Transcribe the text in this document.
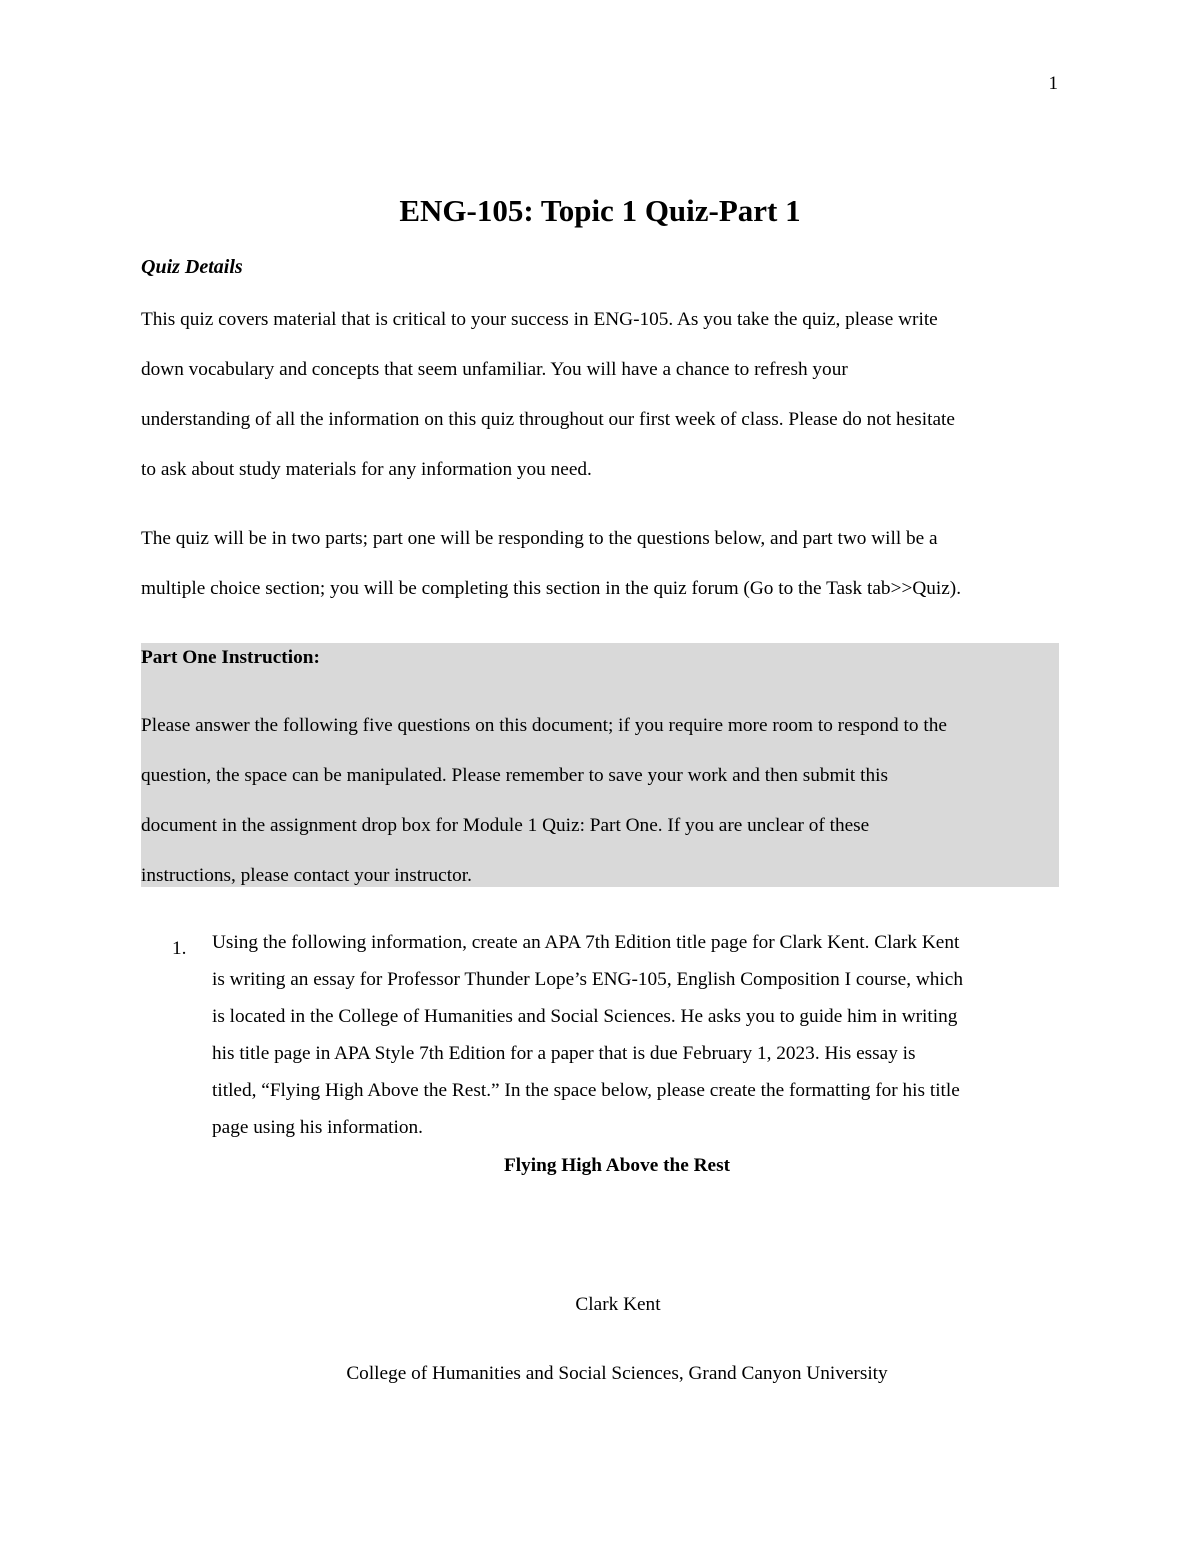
1
ENG-105: Topic 1 Quiz-Part 1
Quiz Details

This quiz covers material that is critical to your success in ENG-105. As you take the quiz, please write
down vocabulary and concepts that seem unfamiliar. You will have a chance to refresh your
understanding of all the information on this quiz throughout our first week of class. Please do not hesitate
to ask about study materials for any information you need.

The quiz will be in two parts; part one will be responding to the questions below, and part two will be a
multiple choice section; you will be completing this section in the quiz forum (Go to the Task tab>>Quiz).

Part One Instruction:

Please answer the following five questions on this document; if you require more room to respond to the
question, the space can be manipulated. Please remember to save your work and then submit this
document in the assignment drop box for Module 1 Quiz: Part One. If you are unclear of these
instructions, please contact your instructor.

1. Using the following information, create an APA 7th Edition title page for Clark Kent. Clark Kent
is writing an essay for Professor Thunder Lope’s ENG-105, English Composition I course, which
is located in the College of Humanities and Social Sciences. He asks you to guide him in writing
his title page in APA Style 7th Edition for a paper that is due February 1, 2023. His essay is
titled, “Flying High Above the Rest.” In the space below, please create the formatting for his title
page using his information.
Flying High Above the Rest
Clark Kent
College of Humanities and Social Sciences, Grand Canyon University
